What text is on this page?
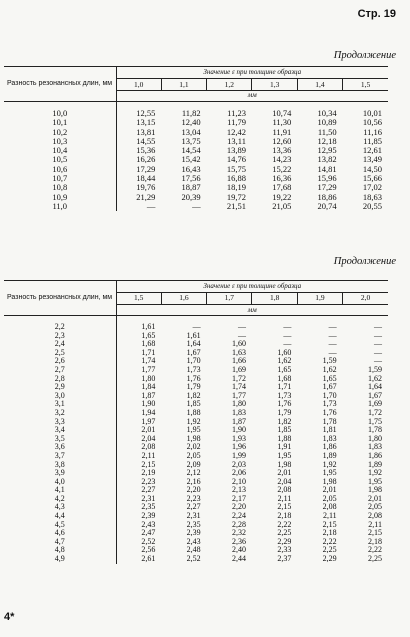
Стр. 19
Продолжение
Разность резонансных длин, мм	Значение ε при толщине образца					
	1,0	1,1	1,2	1,3	1,4	1,5
	мм					
10,0	12,55	11,82	11,23	10,74	10,34	10,01
10,1	13,15	12,40	11,79	11,30	10,89	10,56
10,2	13,81	13,04	12,42	11,91	11,50	11,16
10,3	14,55	13,75	13,11	12,60	12,18	11,85
10,4	15,36	14,54	13,89	13,36	12,95	12,61
10,5	16,26	15,42	14,76	14,23	13,82	13,49
10,6	17,29	16,43	15,75	15,22	14,81	14,50
10,7	18,44	17,56	16,88	16,36	15,96	15,66
10,8	19,76	18,87	18,19	17,68	17,29	17,02
10,9	21,29	20,39	19,72	19,22	18,86	18,63
11,0	—	—	21,51	21,05	20,74	20,55
Продолжение
Разность резонансных длин, мм	Значение ε при толщине образца					
	1,5	1,6	1,7	1,8	1,9	2,0
	мм					
2,2	1,61	—	—	—	—	—
2,3	1,65	1,61	—	—	—	—
2,4	1,68	1,64	1,60	—	—	—
2,5	1,71	1,67	1,63	1,60	—	—
2,6	1,74	1,70	1,66	1,62	1,59	—
2,7	1,77	1,73	1,69	1,65	1,62	1,59
2,8	1,80	1,76	1,72	1,68	1,65	1,62
2,9	1,84	1,79	1,74	1,71	1,67	1,64
3,0	1,87	1,82	1,77	1,73	1,70	1,67
3,1	1,90	1,85	1,80	1,76	1,73	1,69
3,2	1,94	1,88	1,83	1,79	1,76	1,72
3,3	1,97	1,92	1,87	1,82	1,78	1,75
3,4	2,01	1,95	1,90	1,85	1,81	1,78
3,5	2,04	1,98	1,93	1,88	1,83	1,80
3,6	2,08	2,02	1,96	1,91	1,86	1,83
3,7	2,11	2,05	1,99	1,95	1,89	1,86
3,8	2,15	2,09	2,03	1,98	1,92	1,89
3,9	2,19	2,12	2,06	2,01	1,95	1,92
4,0	2,23	2,16	2,10	2,04	1,98	1,95
4,1	2,27	2,20	2,13	2,08	2,01	1,98
4,2	2,31	2,23	2,17	2,11	2,05	2,01
4,3	2,35	2,27	2,20	2,15	2,08	2,05
4,4	2,39	2,31	2,24	2,18	2,11	2,08
4,5	2,43	2,35	2,28	2,22	2,15	2,11
4,6	2,47	2,39	2,32	2,25	2,18	2,15
4,7	2,52	2,43	2,36	2,29	2,22	2,18
4,8	2,56	2,48	2,40	2,33	2,25	2,22
4,9	2,61	2,52	2,44	2,37	2,29	2,25
4*
